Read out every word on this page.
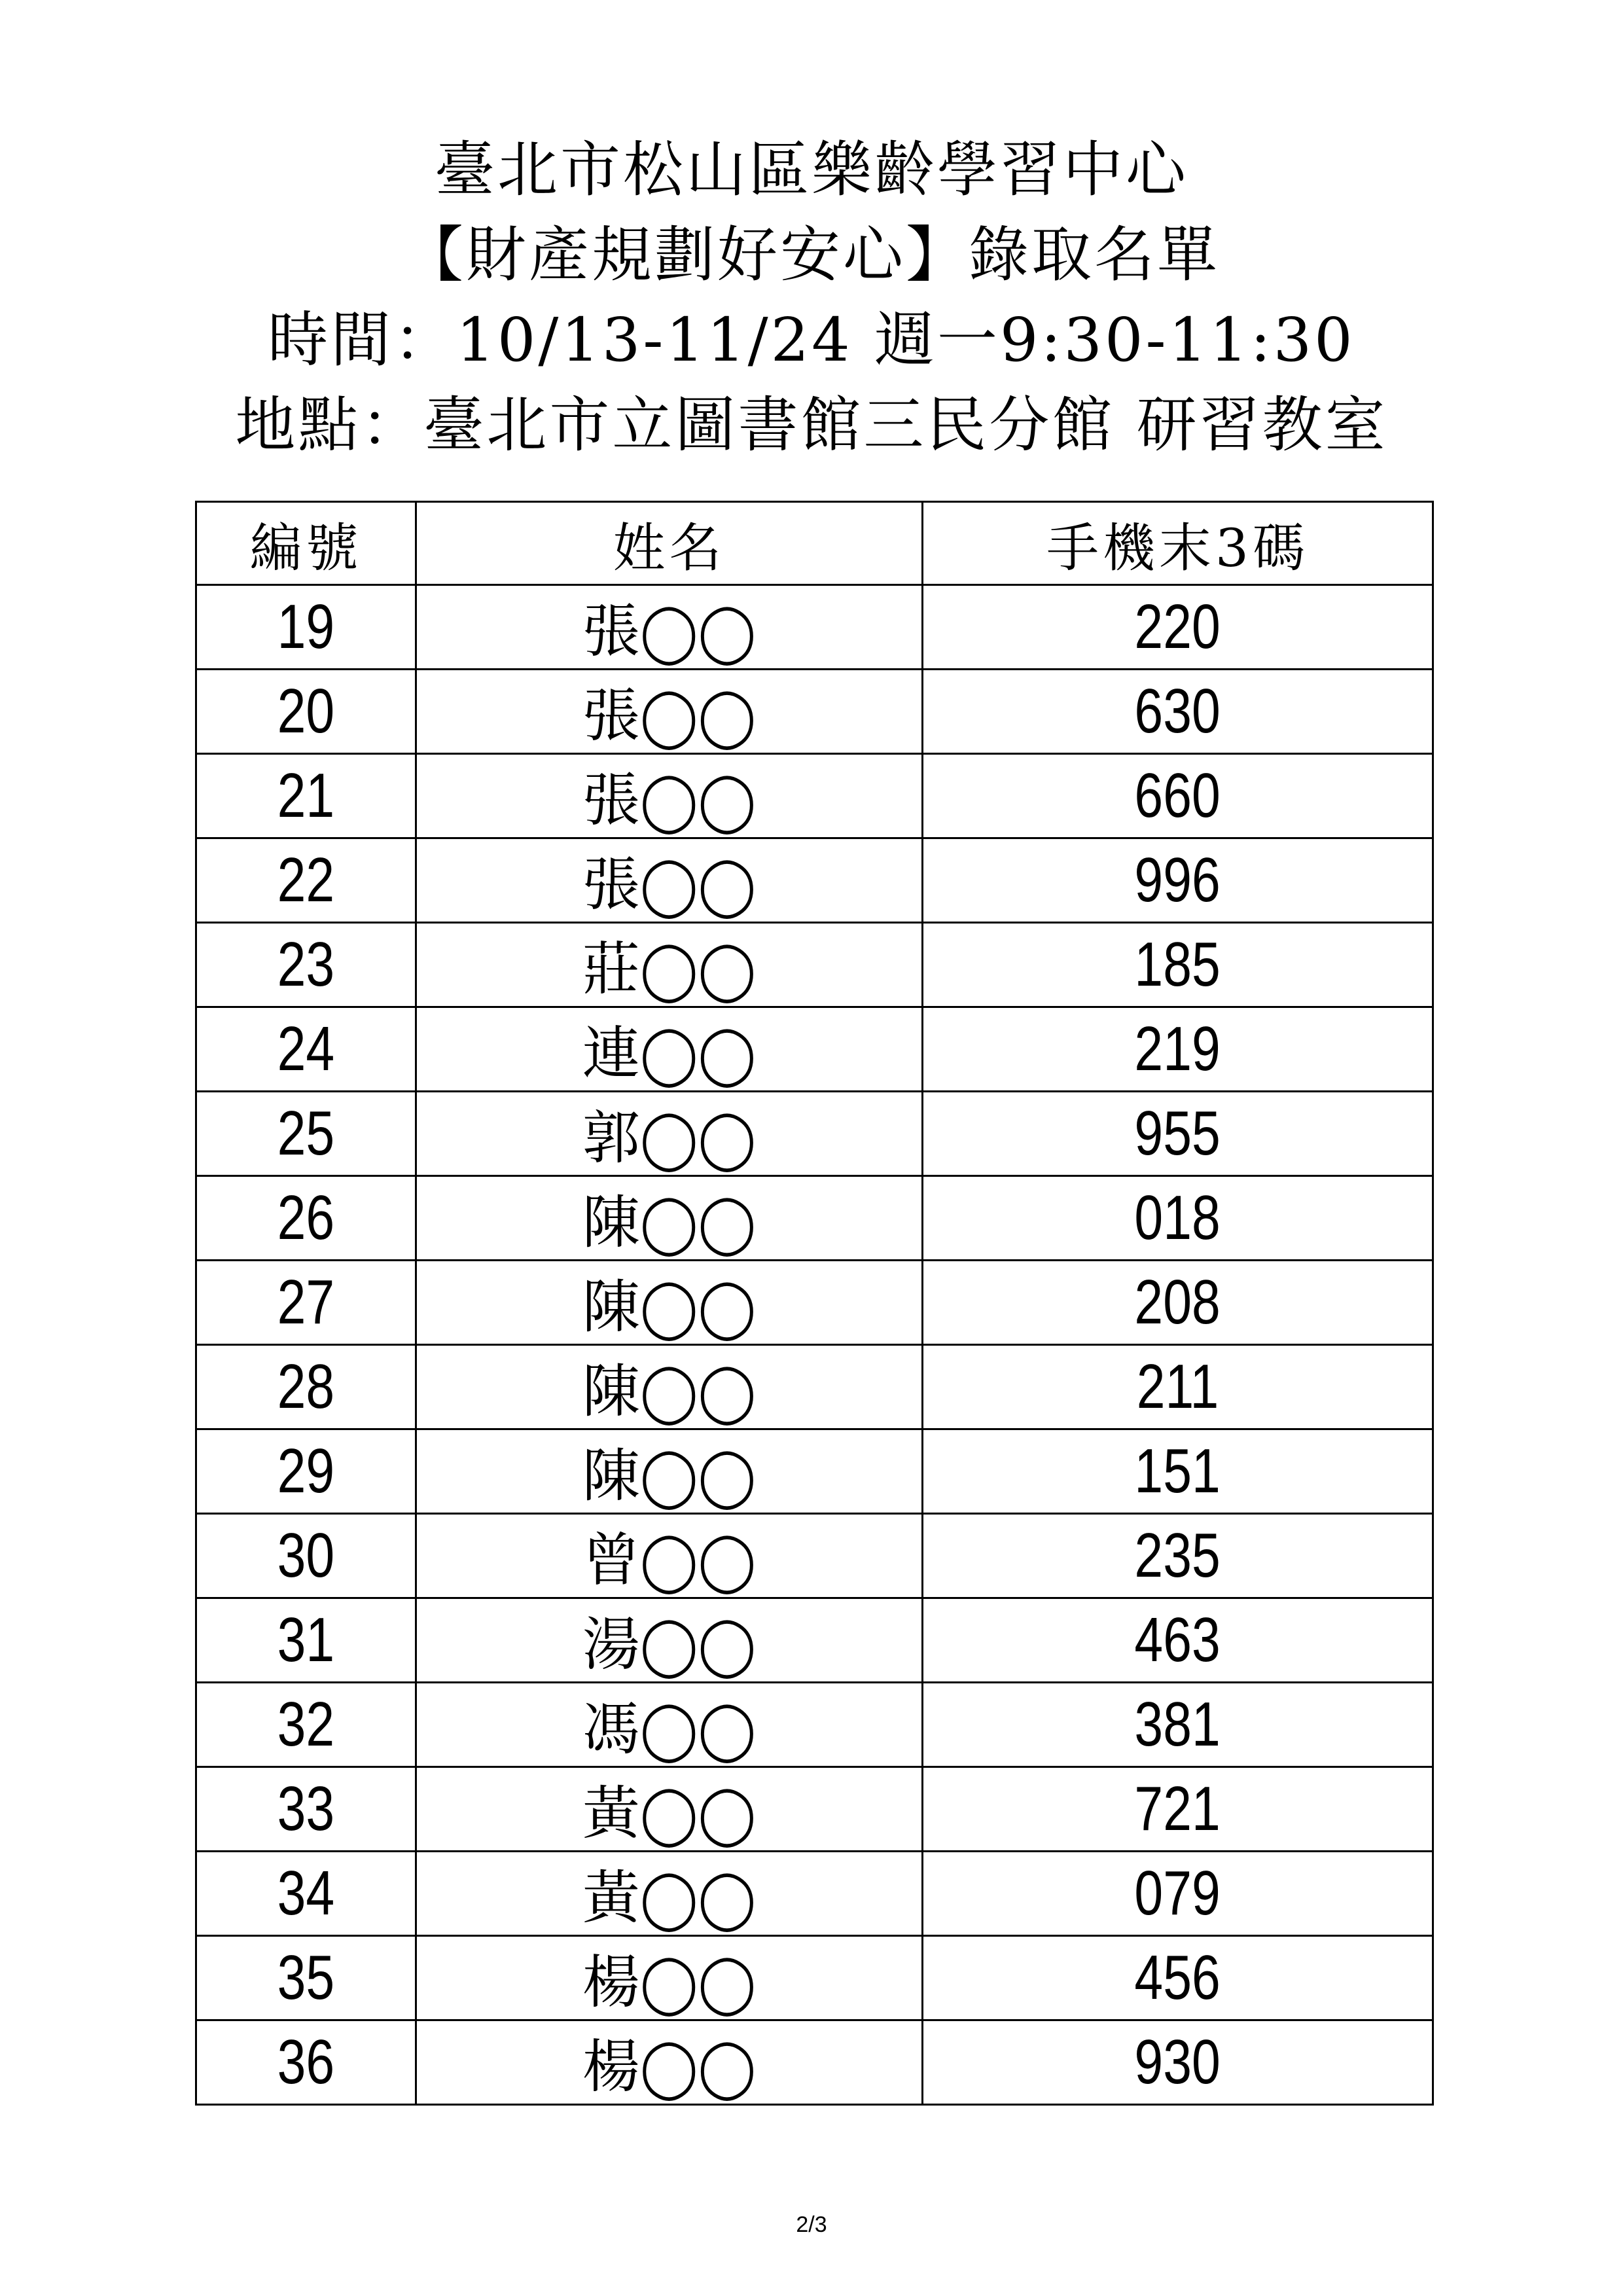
臺北市松山區樂齡學習中心
【財產規劃好安心】錄取名單
時間：10/13-11/24 週一9:30-11:30
地點：臺北市立圖書館三民分館 研習教室
編號	姓名	手機末3碼
19	張◯◯	220
20	張◯◯	630
21	張◯◯	660
22	張◯◯	996
23	莊◯◯	185
24	連◯◯	219
25	郭◯◯	955
26	陳◯◯	018
27	陳◯◯	208
28	陳◯◯	211
29	陳◯◯	151
30	曾◯◯	235
31	湯◯◯	463
32	馮◯◯	381
33	黃◯◯	721
34	黃◯◯	079
35	楊◯◯	456
36	楊◯◯	930
2/3
